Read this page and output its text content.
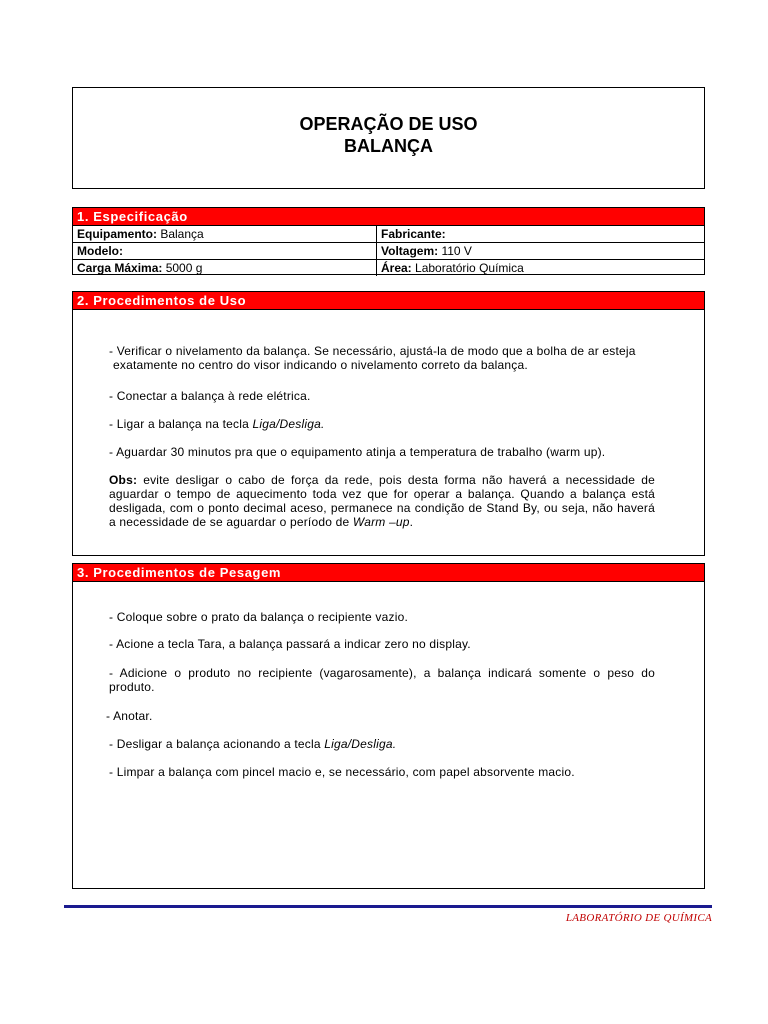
OPERAÇÃO DE USO
BALANÇA
1. Especificação
Equipamento: Balança	Fabricante:
Modelo:	Voltagem: 110 V
Carga Máxima: 5000 g	Área: Laboratório Química
2. Procedimentos de Uso
- Verificar o nivelamento da balança. Se necessário, ajustá-la de modo que a bolha de ar esteja
exatamente no centro do visor indicando o nivelamento correto da balança.
- Conectar a balança à rede elétrica.
- Ligar a balança na tecla Liga/Desliga.
- Aguardar 30 minutos pra que o equipamento atinja a temperatura de trabalho (warm up).
Obs: evite desligar o cabo de força da rede, pois desta forma não haverá a necessidade de aguardar o tempo de aquecimento toda vez que for operar a balança. Quando a balança está desligada, com o ponto decimal aceso, permanece na condição de Stand By, ou seja, não haverá a necessidade de se aguardar o período de Warm –up.
3. Procedimentos de Pesagem
- Coloque sobre o prato da balança o recipiente vazio.
- Acione a tecla Tara, a balança passará a indicar zero no display.
- Adicione o produto no recipiente (vagarosamente), a balança indicará somente o peso do
produto.
- Anotar.
- Desligar a balança acionando a tecla Liga/Desliga.
- Limpar a balança com pincel macio e, se necessário, com papel absorvente macio.
LABORATÓRIO DE QUÍMICA
